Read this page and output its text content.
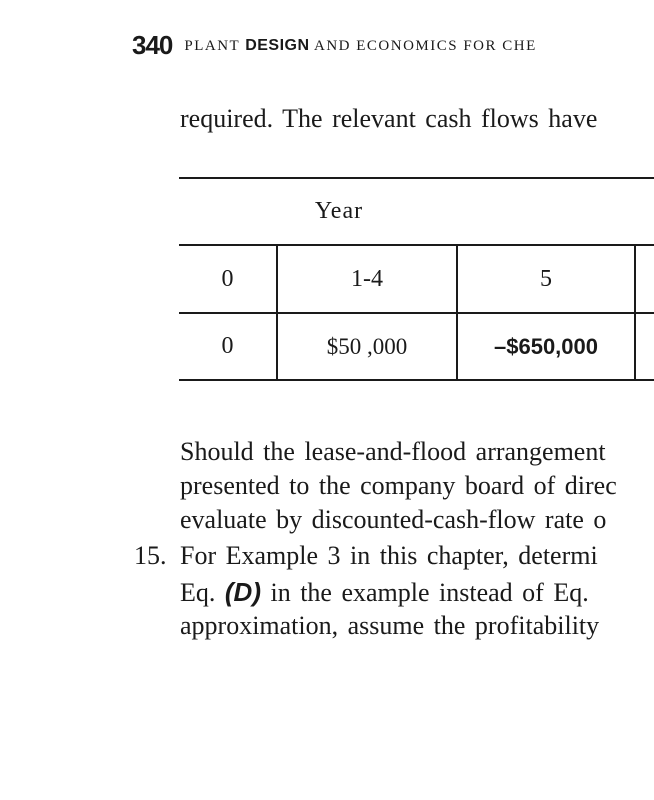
340 PLANT DESIGN AND ECONOMICS FOR CHE
required. The relevant cash flows have
Year			
0	1-4	5	
0	$50 ,000	–$650,000	
Should the lease-and-flood arrangement
presented to the company board of direc
evaluate by discounted-cash-flow rate o
15. For Example 3 in this chapter, determi
Eq. (D) in the example instead of Eq.
approximation, assume the profitability
